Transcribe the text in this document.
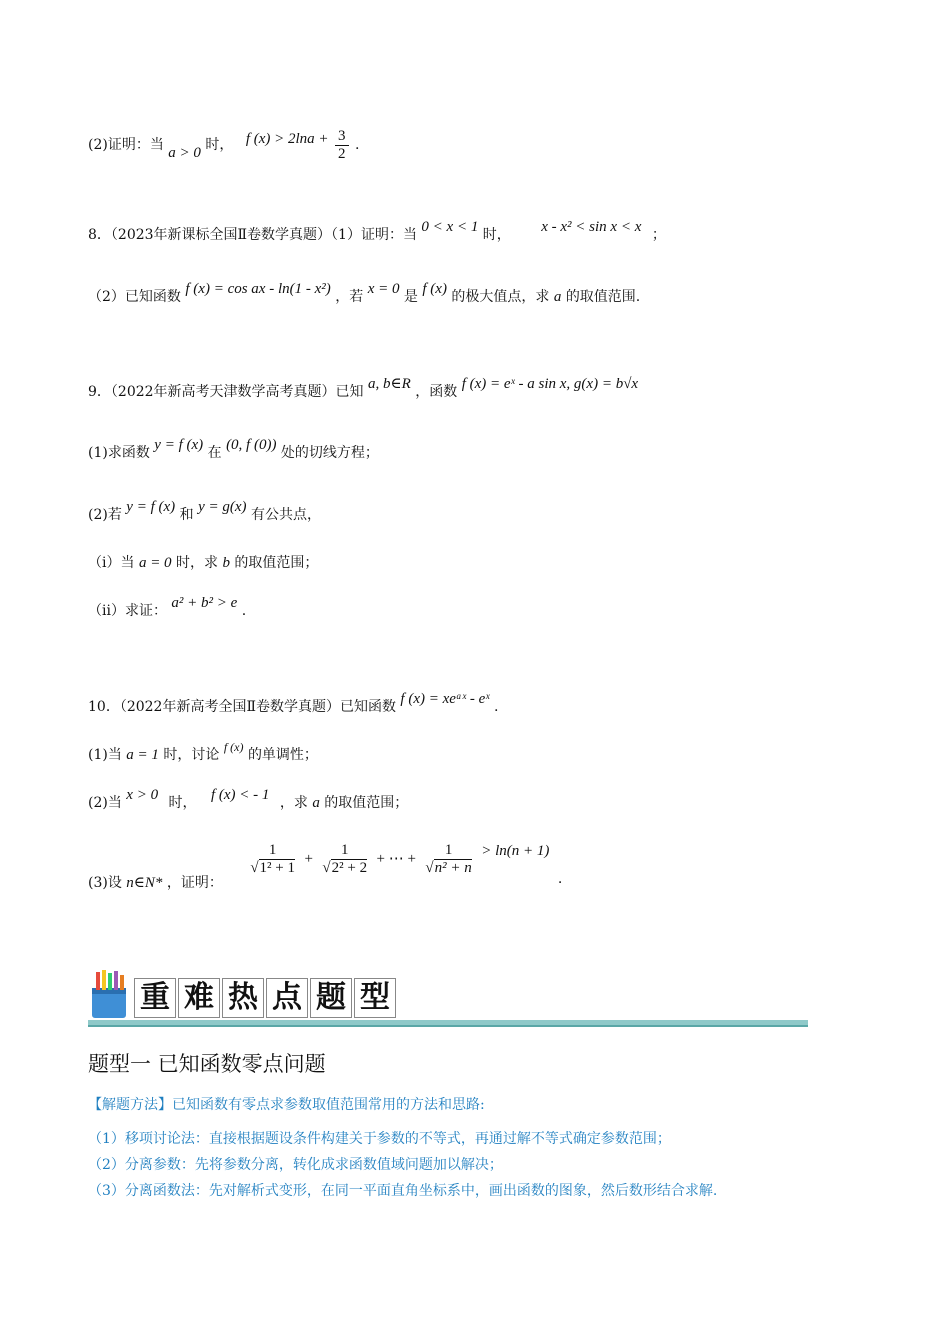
(2)证明：当 a > 0 时， f $(x) > 2\ln a + \frac{3}{2}$ .
8．（2023年新课标全国Ⅱ卷数学真题）（1）证明：当 0 < x < 1 时， x - x² < sin x < x ；
（2）已知函数 f (x) = cos ax - ln(1 - x²) ，若 x = 0 是 f (x) 的极大值点，求 a 的取值范围.
9．（2022年新高考天津数学高考真题）已知 a, b∈R ，函数 f (x) = eˣ - a sin x, g(x) = b√x
(1)求函数 y = f (x) 在 (0, f (0)) 处的切线方程；
(2)若 y = f (x) 和 y = g(x) 有公共点，
（i）当 a = 0 时，求 b 的取值范围；
（ii）求证： a² + b² > e .
10．（2022年新高考全国Ⅱ卷数学真题）已知函数 f (x) = xeᵃˣ - eˣ .
(1)当 a = 1 时，讨论 f (x) 的单调性；
(2)当 x > 0 时， f (x) < - 1 ，求 a 的取值范围；
(3)设 n∈N* ，证明：
$\frac{1}{\text{√1² + 1}} + \frac{1}{\text{√2² + 2}}$ + ⋯ + $\frac{1}{\text{√n² + n}} > \ln(n + 1)$ .
重 难 热 点 题 型
题型一 已知函数零点问题
【解题方法】已知函数有零点求参数取值范围常用的方法和思路:
（1）移项讨论法：直接根据题设条件构建关于参数的不等式，再通过解不等式确定参数范围；
（2）分离参数：先将参数分离，转化成求函数值域问题加以解决；
（3）分离函数法：先对解析式变形，在同一平面直角坐标系中，画出函数的图象，然后数形结合求解.
